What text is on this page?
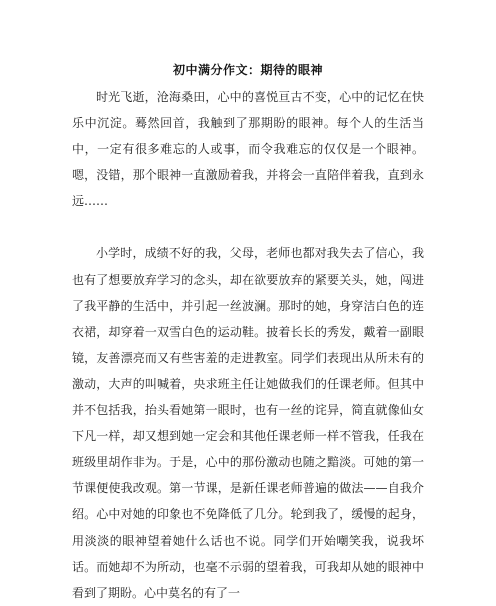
初中满分作文：期待的眼神

时光飞逝，沧海桑田，心中的喜悦亘古不变，心中的记忆在快乐中沉淀。蓦然回首，我触到了那期盼的眼神。每个人的生活当中，一定有很多难忘的人或事，而令我难忘的仅仅是一个眼神。嗯，没错，那个眼神一直激励着我，并将会一直陪伴着我，直到永远……

小学时，成绩不好的我，父母，老师也都对我失去了信心，我也有了想要放弃学习的念头，却在欲要放弃的紧要关头，她，闯进了我平静的生活中，并引起一丝波澜。那时的她，身穿洁白色的连衣裙，却穿着一双雪白色的运动鞋。披着长长的秀发，戴着一副眼镜，友善漂亮而又有些害羞的走进教室。同学们表现出从所未有的激动，大声的叫喊着，央求班主任让她做我们的任课老师。但其中并不包括我，抬头看她第一眼时，也有一丝的诧异，简直就像仙女下凡一样，却又想到她一定会和其他任课老师一样不管我，任我在班级里胡作非为。于是，心中的那份激动也随之黯淡。可她的第一节课便使我改观。第一节课，是新任课老师普遍的做法——自我介绍。心中对她的印象也不免降低了几分。轮到我了，缓慢的起身，用淡淡的眼神望着她什么话也不说。同学们开始嘲笑我，说我坏话。而她却不为所动，也毫不示弱的望着我，可我却从她的眼神中看到了期盼。心中莫名的有了一
